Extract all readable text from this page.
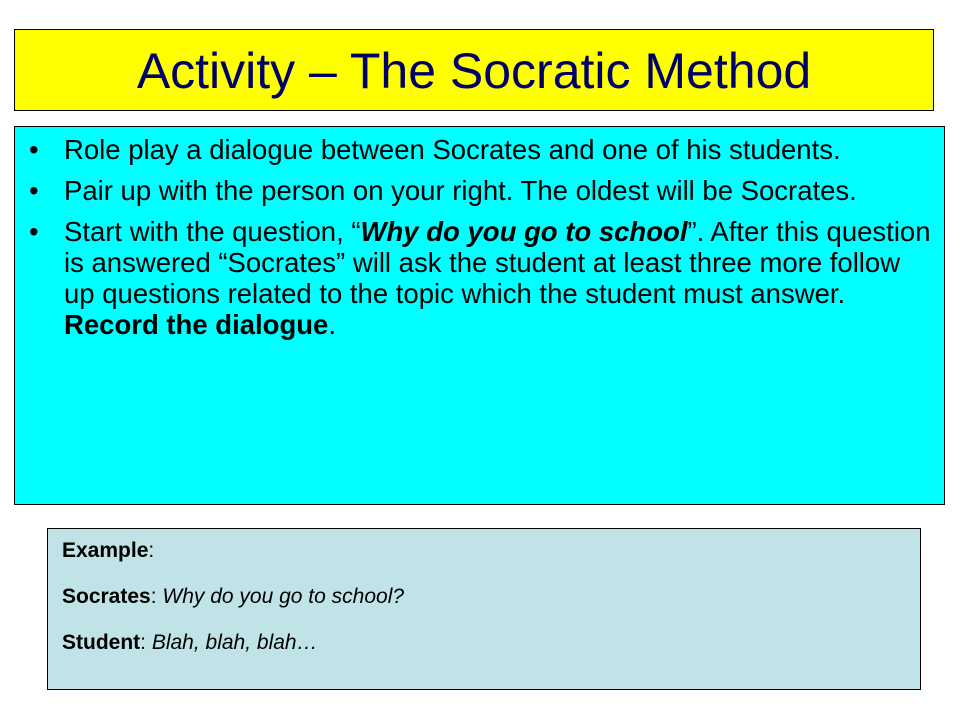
Activity – The Socratic Method
• Role play a dialogue between Socrates and one of his students.
• Pair up with the person on your right. The oldest will be Socrates.
• Start with the question, “Why do you go to school”. After this question is answered “Socrates” will ask the student at least three more follow up questions related to the topic which the student must answer. Record the dialogue.
Example:
Socrates: Why do you go to school?
Student: Blah, blah, blah…
